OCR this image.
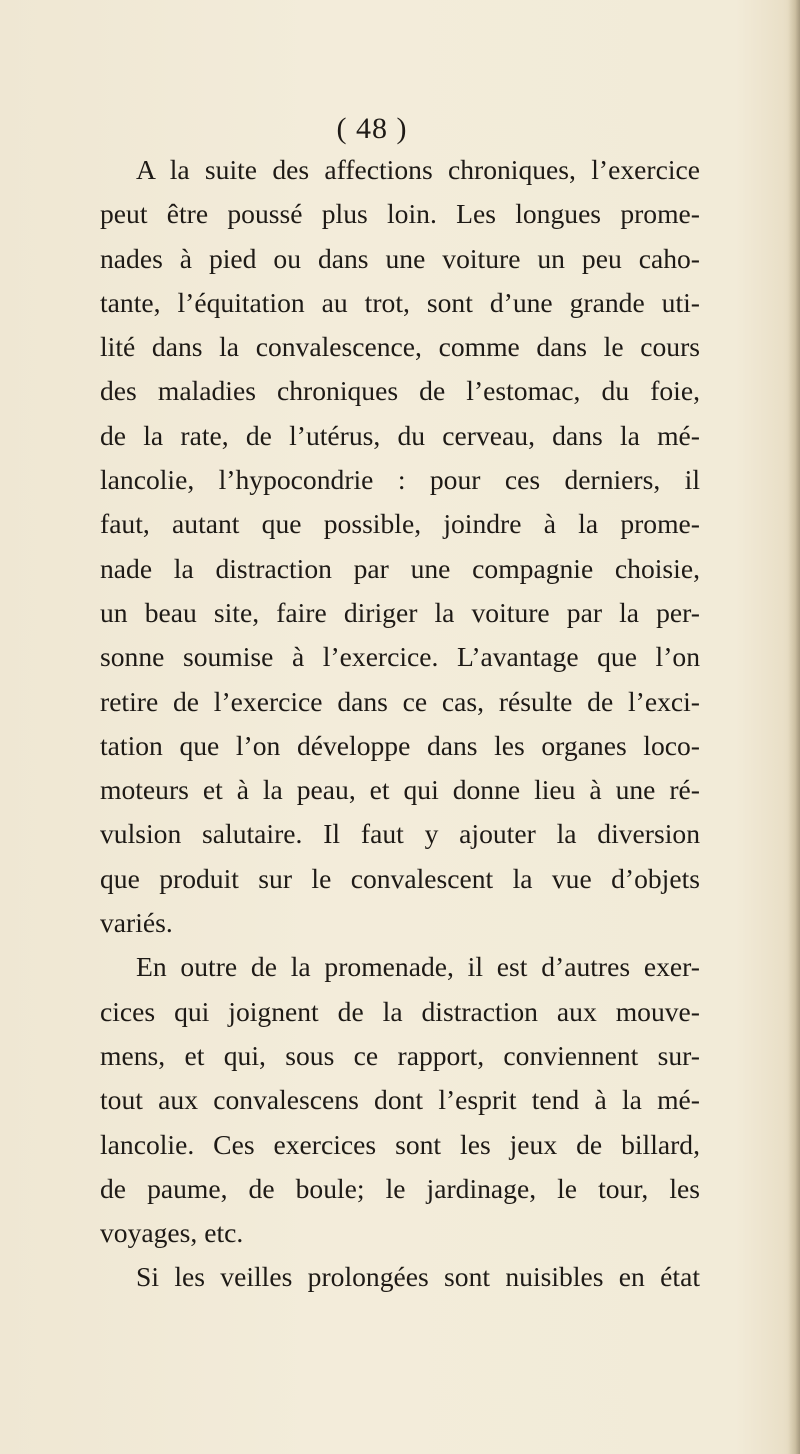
( 48 )
A la suite des affections chroniques, l’exercice
peut être poussé plus loin. Les longues prome-
nades à pied ou dans une voiture un peu caho-
tante, l’équitation au trot, sont d’une grande uti-
lité dans la convalescence, comme dans le cours
des maladies chroniques de l’estomac, du foie,
de la rate, de l’utérus, du cerveau, dans la mé-
lancolie, l’hypocondrie : pour ces derniers, il
faut, autant que possible, joindre à la prome-
nade la distraction par une compagnie choisie,
un beau site, faire diriger la voiture par la per-
sonne soumise à l’exercice. L’avantage que l’on
retire de l’exercice dans ce cas, résulte de l’exci-
tation que l’on développe dans les organes loco-
moteurs et à la peau, et qui donne lieu à une ré-
vulsion salutaire. Il faut y ajouter la diversion
que produit sur le convalescent la vue d’objets
variés.
En outre de la promenade, il est d’autres exer-
cices qui joignent de la distraction aux mouve-
mens, et qui, sous ce rapport, conviennent sur-
tout aux convalescens dont l’esprit tend à la mé-
lancolie. Ces exercices sont les jeux de billard,
de paume, de boule; le jardinage, le tour, les
voyages, etc.
Si les veilles prolongées sont nuisibles en état
